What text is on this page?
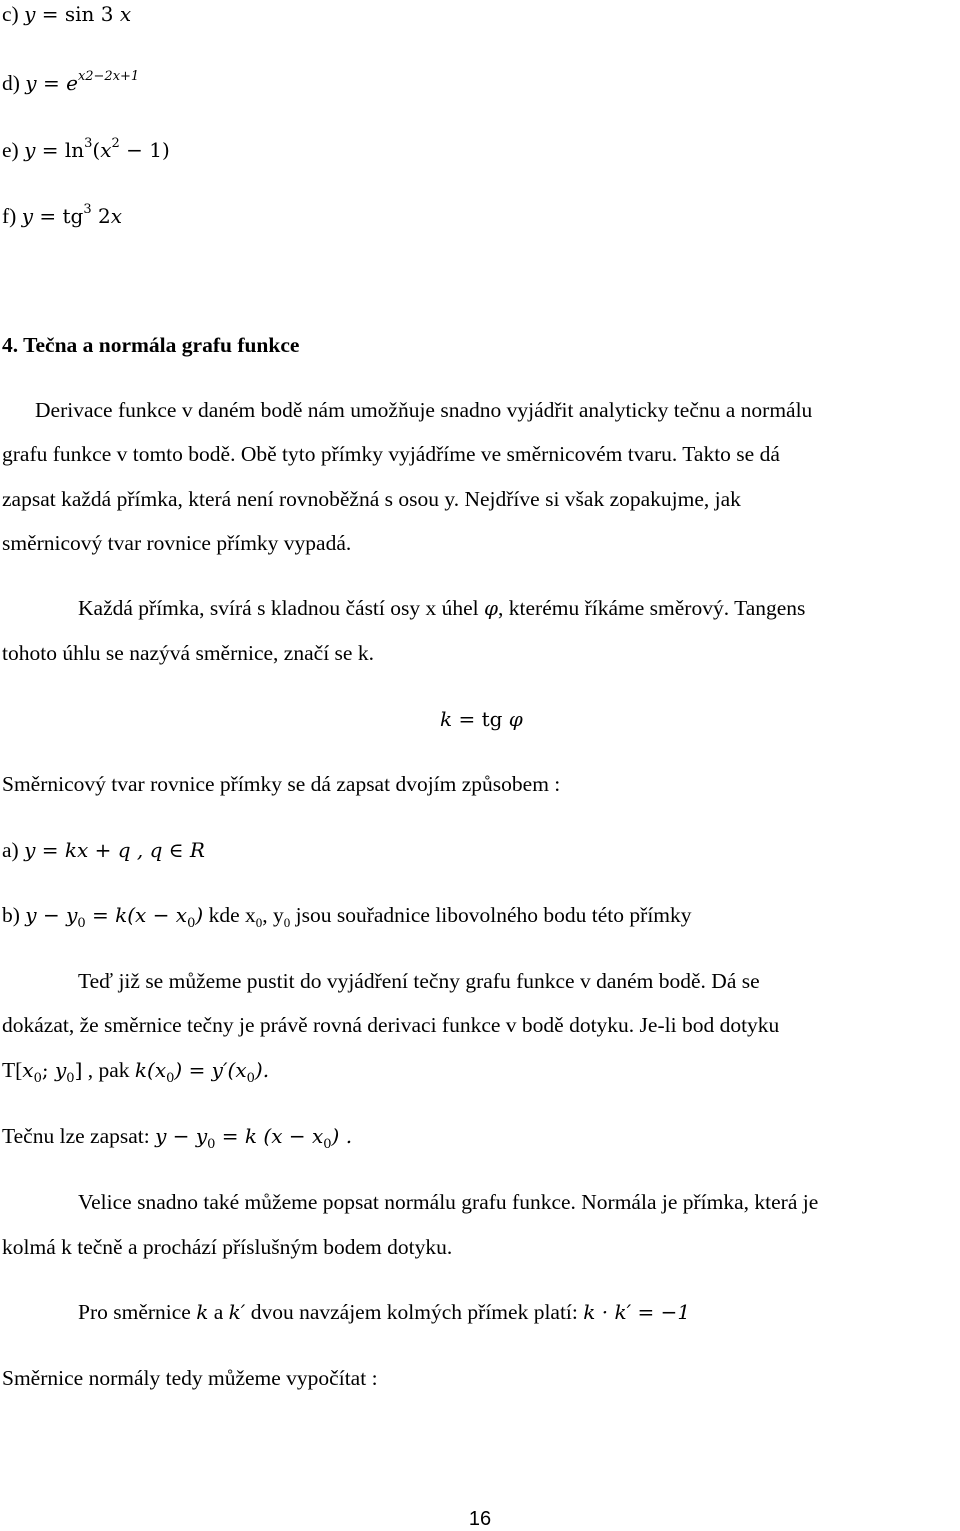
c) y = sin 3 x
d) $y = e^{x2-2x+1}$
e) $y = \ln^3(x^2 - 1)$
f) $y = tg^3$ 2x
4. Tečna a normála grafu funkce
Derivace funkce v daném bodě nám umožňuje snadno vyjádřit analyticky tečnu a normálu
grafu funkce v tomto bodě. Obě tyto přímky vyjádříme ve směrnicovém tvaru. Takto se dá
zapsat každá přímka, která není rovnoběžná s osou y. Nejdříve si však zopakujme, jak
směrnicový tvar rovnice přímky vypadá.
Každá přímka, svírá s kladnou částí osy x úhel φ, kterému říkáme směrový. Tangens
tohoto úhlu se nazývá směrnice, značí se k.
k = tg φ
Směrnicový tvar rovnice přímky se dá zapsat dvojím způsobem :
a) y = kx + q , q ∈ R
b) $y - y_0 = k(x - x_0)$ kde $x_0$, $y_0$ jsou souřadnice libovolného bodu této přímky
Teď již se můžeme pustit do vyjádření tečny grafu funkce v daném bodě. Dá se
dokázat, že směrnice tečny je právě rovná derivaci funkce v bodě dotyku. Je-li bod dotyku
$T[x_0$; $y_0$] , pak $k(x_0) = y'(x_0)$.
Tečnu lze zapsat: $y - y_0 = k$ $(x - x_0)$ .
Velice snadno také můžeme popsat normálu grafu funkce. Normála je přímka, která je
kolmá k tečně a prochází příslušným bodem dotyku.
Pro směrnice k a k′ dvou navzájem kolmých přímek platí: k · k′ = −1
Směrnice normály tedy můžeme vypočítat :
16
